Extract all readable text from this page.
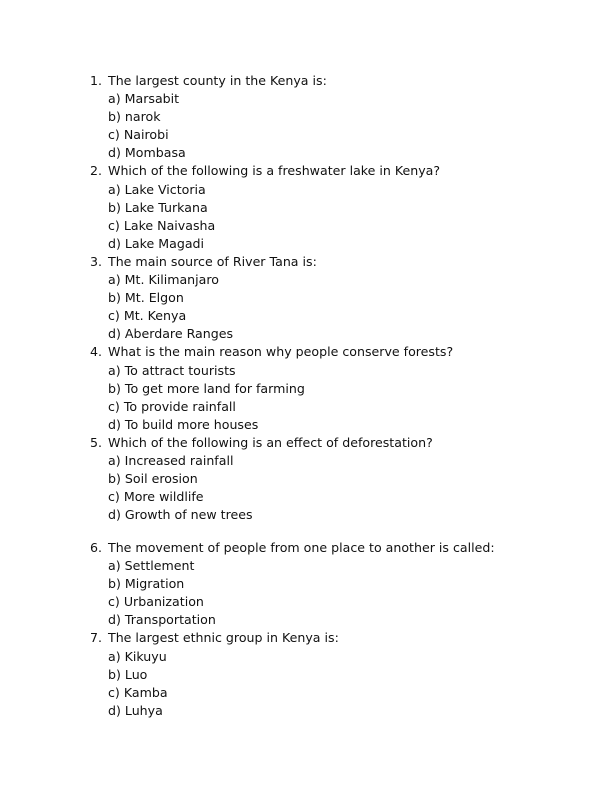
1. The largest county in the Kenya is:
a) Marsabit
b) narok
c) Nairobi
d) Mombasa
2. Which of the following is a freshwater lake in Kenya?
a) Lake Victoria
b) Lake Turkana
c) Lake Naivasha
d) Lake Magadi
3. The main source of River Tana is:
a) Mt. Kilimanjaro
b) Mt. Elgon
c) Mt. Kenya
d) Aberdare Ranges
4. What is the main reason why people conserve forests?
a) To attract tourists
b) To get more land for farming
c) To provide rainfall
d) To build more houses
5. Which of the following is an effect of deforestation?
a) Increased rainfall
b) Soil erosion
c) More wildlife
d) Growth of new trees
6. The movement of people from one place to another is called:
a) Settlement
b) Migration
c) Urbanization
d) Transportation
7. The largest ethnic group in Kenya is:
a) Kikuyu
b) Luo
c) Kamba
d) Luhya
